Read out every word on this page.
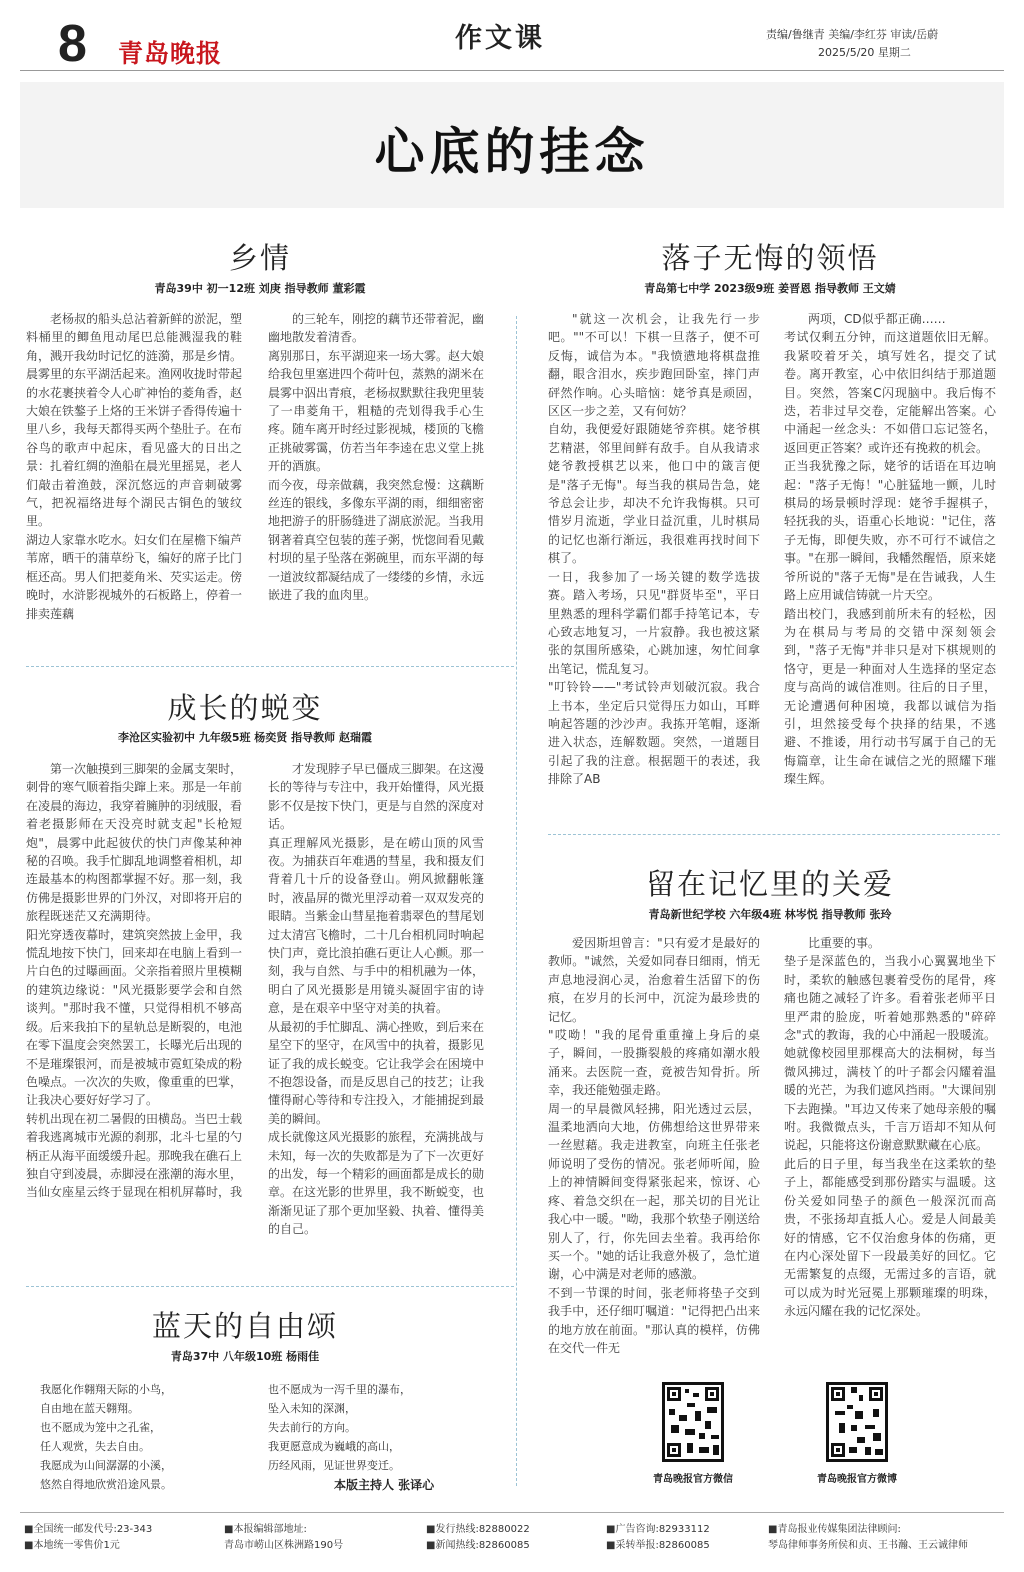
8 青岛晚报	作文课	责编/鲁继青 美编/李红芬 审读/岳蔚
2025/5/20 星期二
心底的挂念
乡情
青岛39中 初一12班 刘庚 指导教师 董彩霞
老杨叔的船头总沾着新鲜的淤泥，塑料桶里的鲫鱼甩动尾巴总能溅湿我的鞋角，溅开我幼时记忆的涟漪，那是乡情。
晨雾里的东平湖活起来。渔网收拢时带起的水花裹挟着令人心旷神怡的菱角香，赵大娘在铁鏊子上烙的王米饼子香得传遍十里八乡，我每天都得买两个垫肚子。在布谷鸟的歌声中起床，看见盛大的日出之景：扎着红绸的渔船在晨光里摇晃，老人们敲击着渔鼓，深沉悠远的声音刺破雾气，把祝福络进每个湖民古铜色的皱纹里。
湖边人家靠水吃水。妇女们在屋檐下编芦苇席，晒干的蒲草纷飞，编好的席子比门框还高。男人们把菱角米、芡实运走。傍晚时，水浒影视城外的石板路上，停着一排卖莲藕
的三轮车，刚挖的藕节还带着泥，幽幽地散发着清香。
离别那日，东平湖迎来一场大雾。赵大娘给我包里塞进四个荷叶包，蒸熟的湖米在晨雾中泅出青痕，老杨叔默默往我兜里装了一串菱角干，粗糙的壳划得我手心生疼。随车离开时经过影视城，楼顶的飞檐正挑破雾霭，仿若当年李逵在忠义堂上挑开的酒旗。
而今夜，母亲做藕，我突然怠慢：这藕断丝连的银线，多像东平湖的雨，细细密密地把游子的肝肠缝进了湖底淤泥。当我用钢著着真空包装的莲子粥，恍惚间看见戴村坝的星子坠落在粥碗里，而东平湖的每一道波纹都凝结成了一缕缕的乡情，永远嵌进了我的血肉里。
成长的蜕变
李沧区实验初中 九年级5班 杨奕贤 指导教师 赵瑞霞
第一次触摸到三脚架的金属支架时，刺骨的寒气顺着指尖蹿上来。那是一年前在凌晨的海边，我穿着臃肿的羽绒服，看着老摄影师在天没亮时就支起"长枪短炮"，晨雾中此起彼伏的快门声像某种神秘的召唤。我手忙脚乱地调整着相机，却连最基本的构图都掌握不好。那一刻，我仿佛是摄影世界的门外汉，对即将开启的旅程既迷茫又充满期待。
阳光穿透夜幕时，建筑突然披上金甲，我慌乱地按下快门，回来却在电脑上看到一片白色的过曝画面。父亲指着照片里模糊的建筑边缘说："风光摄影要学会和自然谈判。"那时我不懂，只觉得相机不够高级。后来我拍下的星轨总是断裂的，电池在零下温度会突然罢工，长曝光后出现的不是璀璨银河，而是被城市霓虹染成的粉色噪点。一次次的失败，像重重的巴掌，让我决心要好好学习了。
转机出现在初二暑假的田横岛。当巴士载着我逃离城市光源的刹那，北斗七星的勺柄正从海平面缓缓升起。那晚我在礁石上独自守到凌晨，赤脚浸在涨潮的海水里，当仙女座星云终于显现在相机屏幕时，我
才发现脖子早已僵成三脚架。在这漫长的等待与专注中，我开始懂得，风光摄影不仅是按下快门，更是与自然的深度对话。
真正理解风光摄影，是在崂山顶的风雪夜。为捕获百年难遇的彗星，我和摄友们背着几十斤的设备登山。朔风掀翻帐篷时，液晶屏的微光里浮动着一双双发亮的眼睛。当紫金山彗星拖着翡翠色的彗尾划过太清宫飞檐时，二十几台相机同时响起快门声，竟比浪拍礁石更让人心颤。那一刻，我与自然、与手中的相机融为一体，明白了风光摄影是用镜头凝固宇宙的诗意，是在艰辛中坚守对美的执着。
从最初的手忙脚乱、满心挫败，到后来在星空下的坚守，在风雪中的执着，摄影见证了我的成长蜕变。它让我学会在困境中不抱怨设备，而是反思自己的技艺；让我懂得耐心等待和专注投入，才能捕捉到最美的瞬间。
成长就像这风光摄影的旅程，充满挑战与未知，每一次的失败都是为了下一次更好的出发，每一个精彩的画面都是成长的勋章。在这光影的世界里，我不断蜕变，也渐渐见证了那个更加坚毅、执着、懂得美的自己。
蓝天的自由颂
青岛37中 八年级10班 杨雨佳
我愿化作翱翔天际的小鸟，
自由地在蓝天翱翔。
也不愿成为笼中之孔雀，
任人观赏，失去自由。
我愿成为山间潺潺的小溪，
悠然自得地欣赏沿途风景。
也不愿成为一泻千里的瀑布，
坠入未知的深渊，
失去前行的方向。
我更愿意成为巍峨的高山，
历经风雨，见证世界变迁。
本版主持人 张译心
落子无悔的领悟
青岛第七中学 2023级9班 姜晋恩 指导教师 王文婧
"就这一次机会，让我先行一步吧。""不可以！下棋一旦落子，便不可反悔，诚信为本。"我愤懑地将棋盘推翻，眼含泪水，疾步跑回卧室，摔门声砰然作响。心头暗恼：姥爷真是顽固，区区一步之差，又有何妨？
自幼，我便爱好跟随姥爷弈棋。姥爷棋艺精湛，邻里间鲜有敌手。自从我请求姥爷教授棋艺以来，他口中的箴言便是"落子无悔"。每当我的棋局告急，姥爷总会让步，却决不允许我悔棋。只可惜岁月流逝，学业日益沉重，儿时棋局的记忆也渐行渐远，我很难再找时间下棋了。
一日，我参加了一场关键的数学选拔赛。踏入考场，只见"群贤毕至"，平日里熟悉的理科学霸们都手持笔记本，专心致志地复习，一片寂静。我也被这紧张的氛围所感染，心跳加速，匆忙间拿出笔记，慌乱复习。
"叮铃铃——"考试铃声划破沉寂。我合上书本，坐定后只觉得压力如山，耳畔响起答题的沙沙声。我拣开笔帽，逐渐进入状态，连解数题。突然，一道题目引起了我的注意。根据题干的表述，我排除了AB
两项，CD似乎都正确……
考试仅剩五分钟，而这道题依旧无解。我紧咬着牙关，填写姓名，提交了试卷。离开教室，心中依旧纠结于那道题目。突然，答案C闪现脑中。我后悔不迭，若非过早交卷，定能解出答案。心中涌起一丝念头：不如借口忘记签名，返回更正答案？或许还有挽救的机会。
正当我犹豫之际，姥爷的话语在耳边响起："落子无悔！"心脏猛地一颤，儿时棋局的场景顿时浮现：姥爷手握棋子，轻抚我的头，语重心长地说："记住，落子无悔，即便失败，亦不可行不诚信之事。"在那一瞬间，我幡然醒悟，原来姥爷所说的"落子无悔"是在告诫我，人生路上应用诚信铸就一片天空。
踏出校门，我感到前所未有的轻松，因为在棋局与考局的交错中深刻领会到，"落子无悔"并非只是对下棋规则的恪守，更是一种面对人生选择的坚定态度与高尚的诚信准则。往后的日子里，无论遭遇何种困境，我都以诚信为指引，坦然接受每个抉择的结果，不逃避、不推诿，用行动书写属于自己的无悔篇章，让生命在诚信之光的照耀下璀璨生辉。
留在记忆里的关爱
青岛新世纪学校 六年级4班 林岑悦 指导教师 张玲
爱因斯坦曾言："只有爱才是最好的教师。"诚然，关爱如同春日细雨，悄无声息地浸润心灵，治愈着生活留下的伤痕，在岁月的长河中，沉淀为最珍贵的记忆。
"哎呦！"我的尾骨重重撞上身后的桌子，瞬间，一股撕裂般的疼痛如潮水般涌来。去医院一查，竟被告知骨折。所幸，我还能勉强走路。
周一的早晨微风轻拂，阳光透过云层，温柔地洒向大地，仿佛想给这世界带来一丝慰藉。我走进教室，向班主任张老师说明了受伤的情况。张老师听闻，脸上的神情瞬间变得紧张起来，惊讶、心疼、着急交织在一起，那关切的目光让我心中一暖。"呦，我那个软垫子刚送给别人了，行，你先回去坐着。我再给你买一个。"她的话让我意外极了，急忙道谢，心中满是对老师的感激。
不到一节课的时间，张老师将垫子交到我手中，还仔细叮嘱道："记得把凸出来的地方放在前面。"那认真的模样，仿佛在交代一件无
比重要的事。
垫子是深蓝色的，当我小心翼翼地坐下时，柔软的触感包裹着受伤的尾骨，疼痛也随之减轻了许多。看着张老师平日里严肃的脸庞，听着她那熟悉的"碎碎念"式的教诲，我的心中涌起一股暖流。她就像校园里那棵高大的法桐树，每当微风拂过，满枝丫的叶子都会闪耀着温暖的光芒，为我们遮风挡雨。"大课间别下去跑操。"耳边又传来了她母亲般的嘱咐。我微微点头，千言万语却不知从何说起，只能将这份谢意默默藏在心底。
此后的日子里，每当我坐在这柔软的垫子上，都能感受到那份踏实与温暖。这份关爱如同垫子的颜色一般深沉而高贵，不张扬却直抵人心。爱是人间最美好的情感，它不仅治愈身体的伤痛，更在内心深处留下一段最美好的回忆。它无需繁复的点缀，无需过多的言语，就可以成为时光冠冕上那颗璀璨的明珠，永远闪耀在我的记忆深处。
青岛晚报官方微信	青岛晚报官方微博
■全国统一邮发代号:23-343
■本地统一零售价1元
■本报编辑部地址:
青岛市崂山区株洲路190号
■发行热线:82880022
■新闻热线:82860085
■广告咨询:82933112
■采转举报:82860085
■青岛报业传媒集团法律顾问:
琴岛律师事务所侯和贞、王书瀚、王云诚律师
